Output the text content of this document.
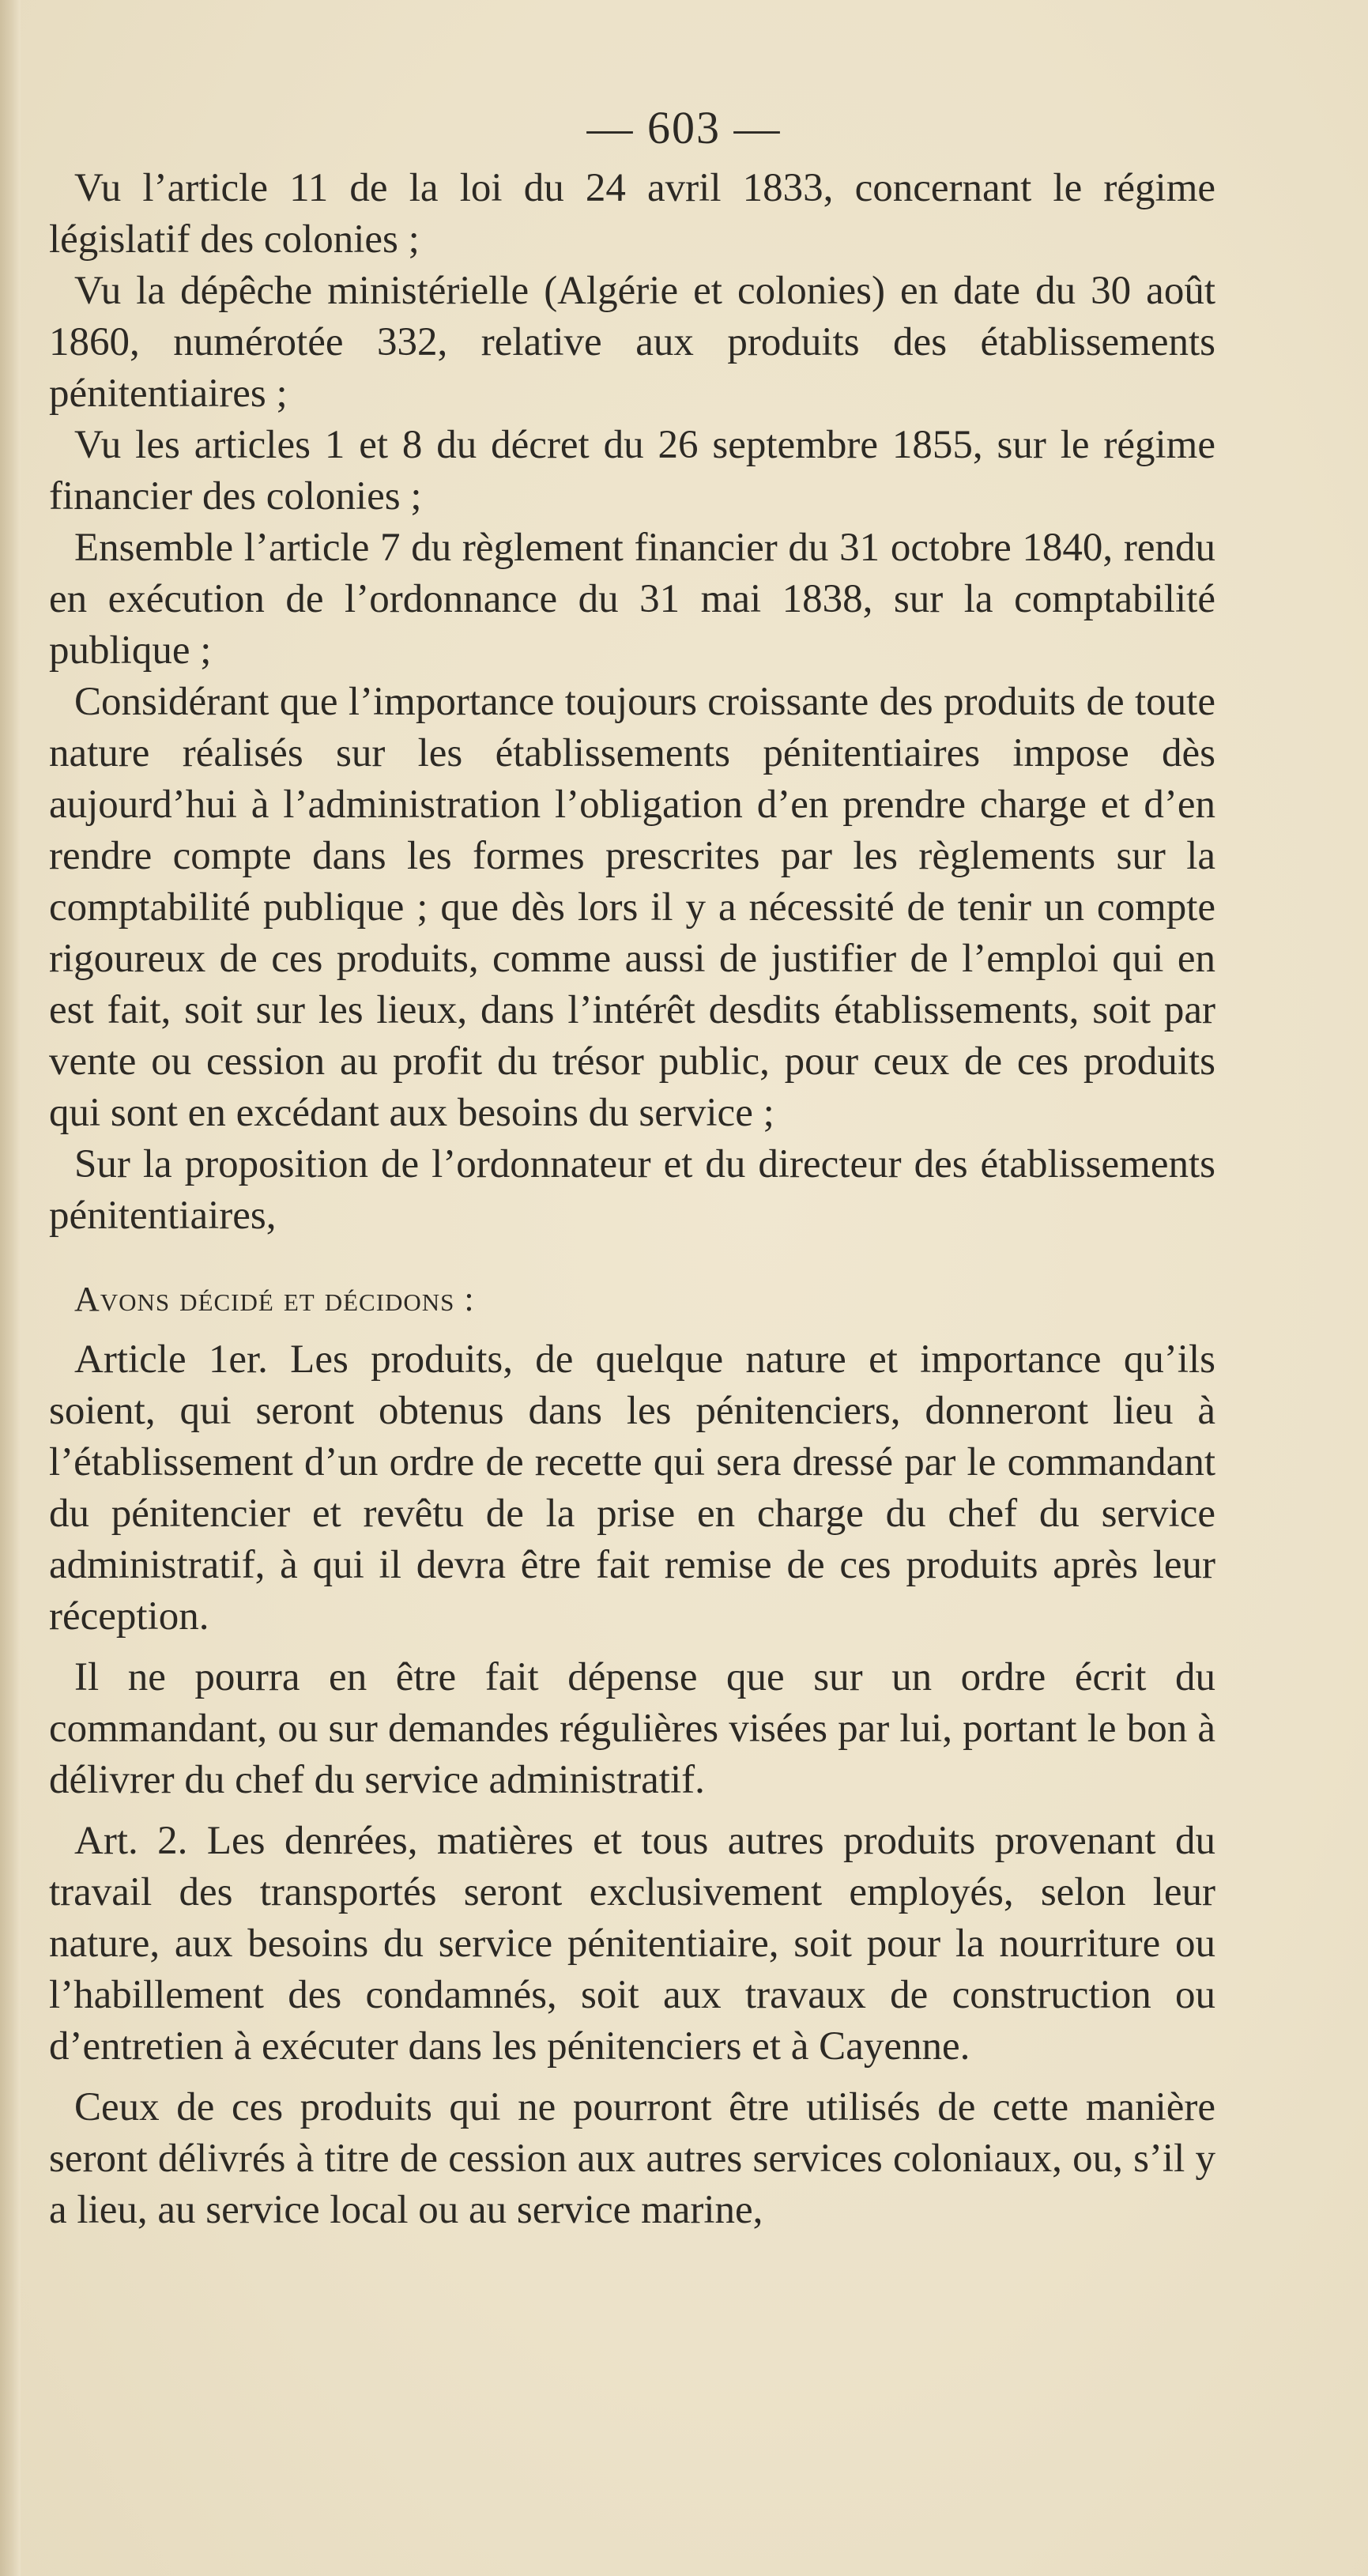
— 603 —

Vu l’article 11 de la loi du 24 avril 1833, concernant le régime législatif des colonies ;

Vu la dépêche ministérielle (Algérie et colonies) en date du 30 août 1860, numérotée 332, relative aux produits des établissements pénitentiaires ;

Vu les articles 1 et 8 du décret du 26 septembre 1855, sur le régime financier des colonies ;

Ensemble l’article 7 du règlement financier du 31 octobre 1840, rendu en exécution de l’ordonnance du 31 mai 1838, sur la comptabilité publique ;

Considérant que l’importance toujours croissante des produits de toute nature réalisés sur les établissements pénitentiaires impose dès aujourd’hui à l’administration l’obligation d’en prendre charge et d’en rendre compte dans les formes prescrites par les règlements sur la comptabilité publique ; que dès lors il y a nécessité de tenir un compte rigoureux de ces produits, comme aussi de justifier de l’emploi qui en est fait, soit sur les lieux, dans l’intérêt desdits établissements, soit par vente ou cession au profit du trésor public, pour ceux de ces produits qui sont en excédant aux besoins du service ;

Sur la proposition de l’ordonnateur et du directeur des établissements pénitentiaires,

Avons décidé et décidons :

Article 1er. Les produits, de quelque nature et importance qu’ils soient, qui seront obtenus dans les pénitenciers, donneront lieu à l’établissement d’un ordre de recette qui sera dressé par le commandant du pénitencier et revêtu de la prise en charge du chef du service administratif, à qui il devra être fait remise de ces produits après leur réception.

Il ne pourra en être fait dépense que sur un ordre écrit du commandant, ou sur demandes régulières visées par lui, portant le bon à délivrer du chef du service administratif.

Art. 2. Les denrées, matières et tous autres produits provenant du travail des transportés seront exclusivement employés, selon leur nature, aux besoins du service pénitentiaire, soit pour la nourriture ou l’habillement des condamnés, soit aux travaux de construction ou d’entretien à exécuter dans les pénitenciers et à Cayenne.

Ceux de ces produits qui ne pourront être utilisés de cette manière seront délivrés à titre de cession aux autres services coloniaux, ou, s’il y a lieu, au service local ou au service marine,
